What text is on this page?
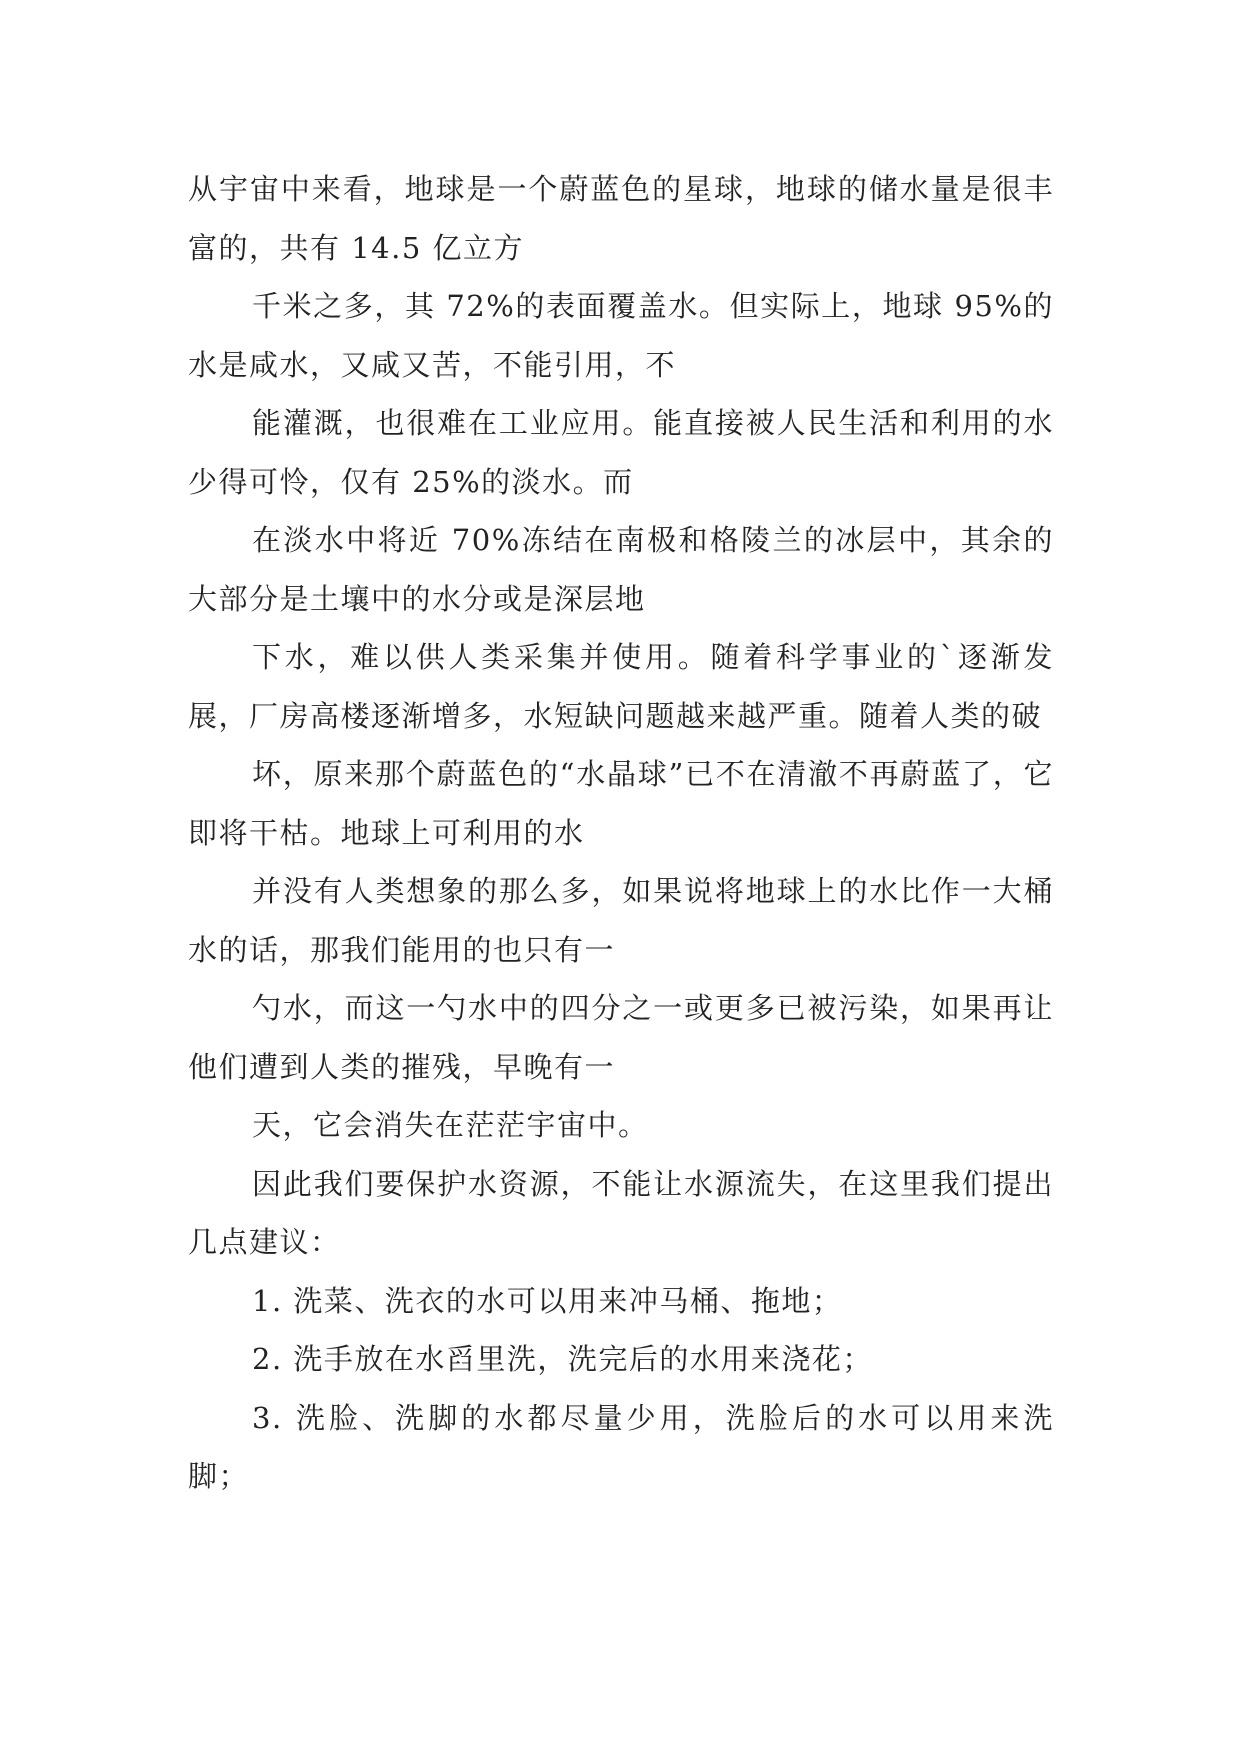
从宇宙中来看，地球是一个蔚蓝色的星球，地球的储水量是很丰富的，共有 14.5 亿立方

千米之多，其 72%的表面覆盖水。但实际上，地球 95%的水是咸水，又咸又苦，不能引用，不

能灌溉，也很难在工业应用。能直接被人民生活和利用的水少得可怜，仅有 25%的淡水。而

在淡水中将近 70%冻结在南极和格陵兰的冰层中，其余的大部分是土壤中的水分或是深层地

下水，难以供人类采集并使用。随着科学事业的`逐渐发展，厂房高楼逐渐增多，水短缺问题越来越严重。随着人类的破

坏，原来那个蔚蓝色的“水晶球”已不在清澈不再蔚蓝了，它即将干枯。地球上可利用的水

并没有人类想象的那么多，如果说将地球上的水比作一大桶水的话，那我们能用的也只有一

勺水，而这一勺水中的四分之一或更多已被污染，如果再让他们遭到人类的摧残，早晚有一

天，它会消失在茫茫宇宙中。

因此我们要保护水资源，不能让水源流失，在这里我们提出几点建议：

1. 洗菜、洗衣的水可以用来冲马桶、拖地；

2. 洗手放在水舀里洗，洗完后的水用来浇花；

3. 洗脸、洗脚的水都尽量少用，洗脸后的水可以用来洗脚；
